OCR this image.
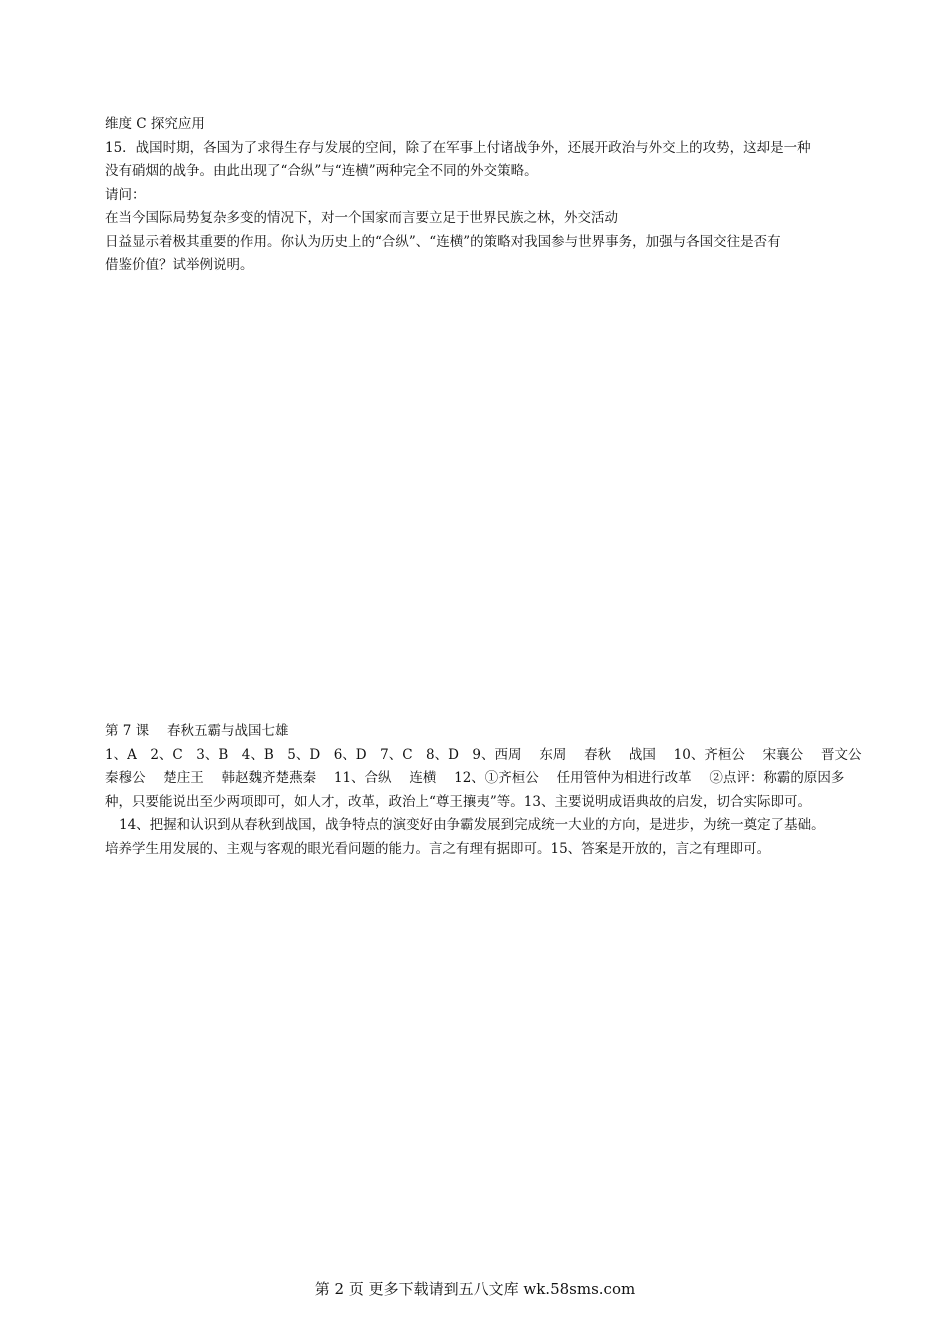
维度 C 探究应用
15．战国时期，各国为了求得生存与发展的空间，除了在军事上付诸战争外，还展开政治与外交上的攻势，这却是一种
没有硝烟的战争。由此出现了“合纵”与“连横”两种完全不同的外交策略。
请问：
在当今国际局势复杂多变的情况下，对一个国家而言要立足于世界民族之林，外交活动
日益显示着极其重要的作用。你认为历史上的“合纵”、“连横”的策略对我国参与世界事务，加强与各国交往是否有
借鉴价值？试举例说明。
第 7 课　 春秋五霸与战国七雄
1、A　2、C　3、B　4、B　5、D　6、D　7、C　8、D　9、西周　 东周　 春秋　 战国　 10、齐桓公　 宋襄公　 晋文公
秦穆公　 楚庄王　 韩赵魏齐楚燕秦　 11、合纵　 连横　 12、①齐桓公　 任用管仲为相进行改革　 ②点评：称霸的原因多
种，只要能说出至少两项即可，如人才，改革，政治上“尊王攘夷”等。13、主要说明成语典故的启发，切合实际即可。
14、把握和认识到从春秋到战国，战争特点的演变好由争霸发展到完成统一大业的方向，是进步，为统一奠定了基础。
培养学生用发展的、主观与客观的眼光看问题的能力。言之有理有据即可。15、答案是开放的，言之有理即可。
第 2 页 更多下载请到五八文库 wk.58sms.com
